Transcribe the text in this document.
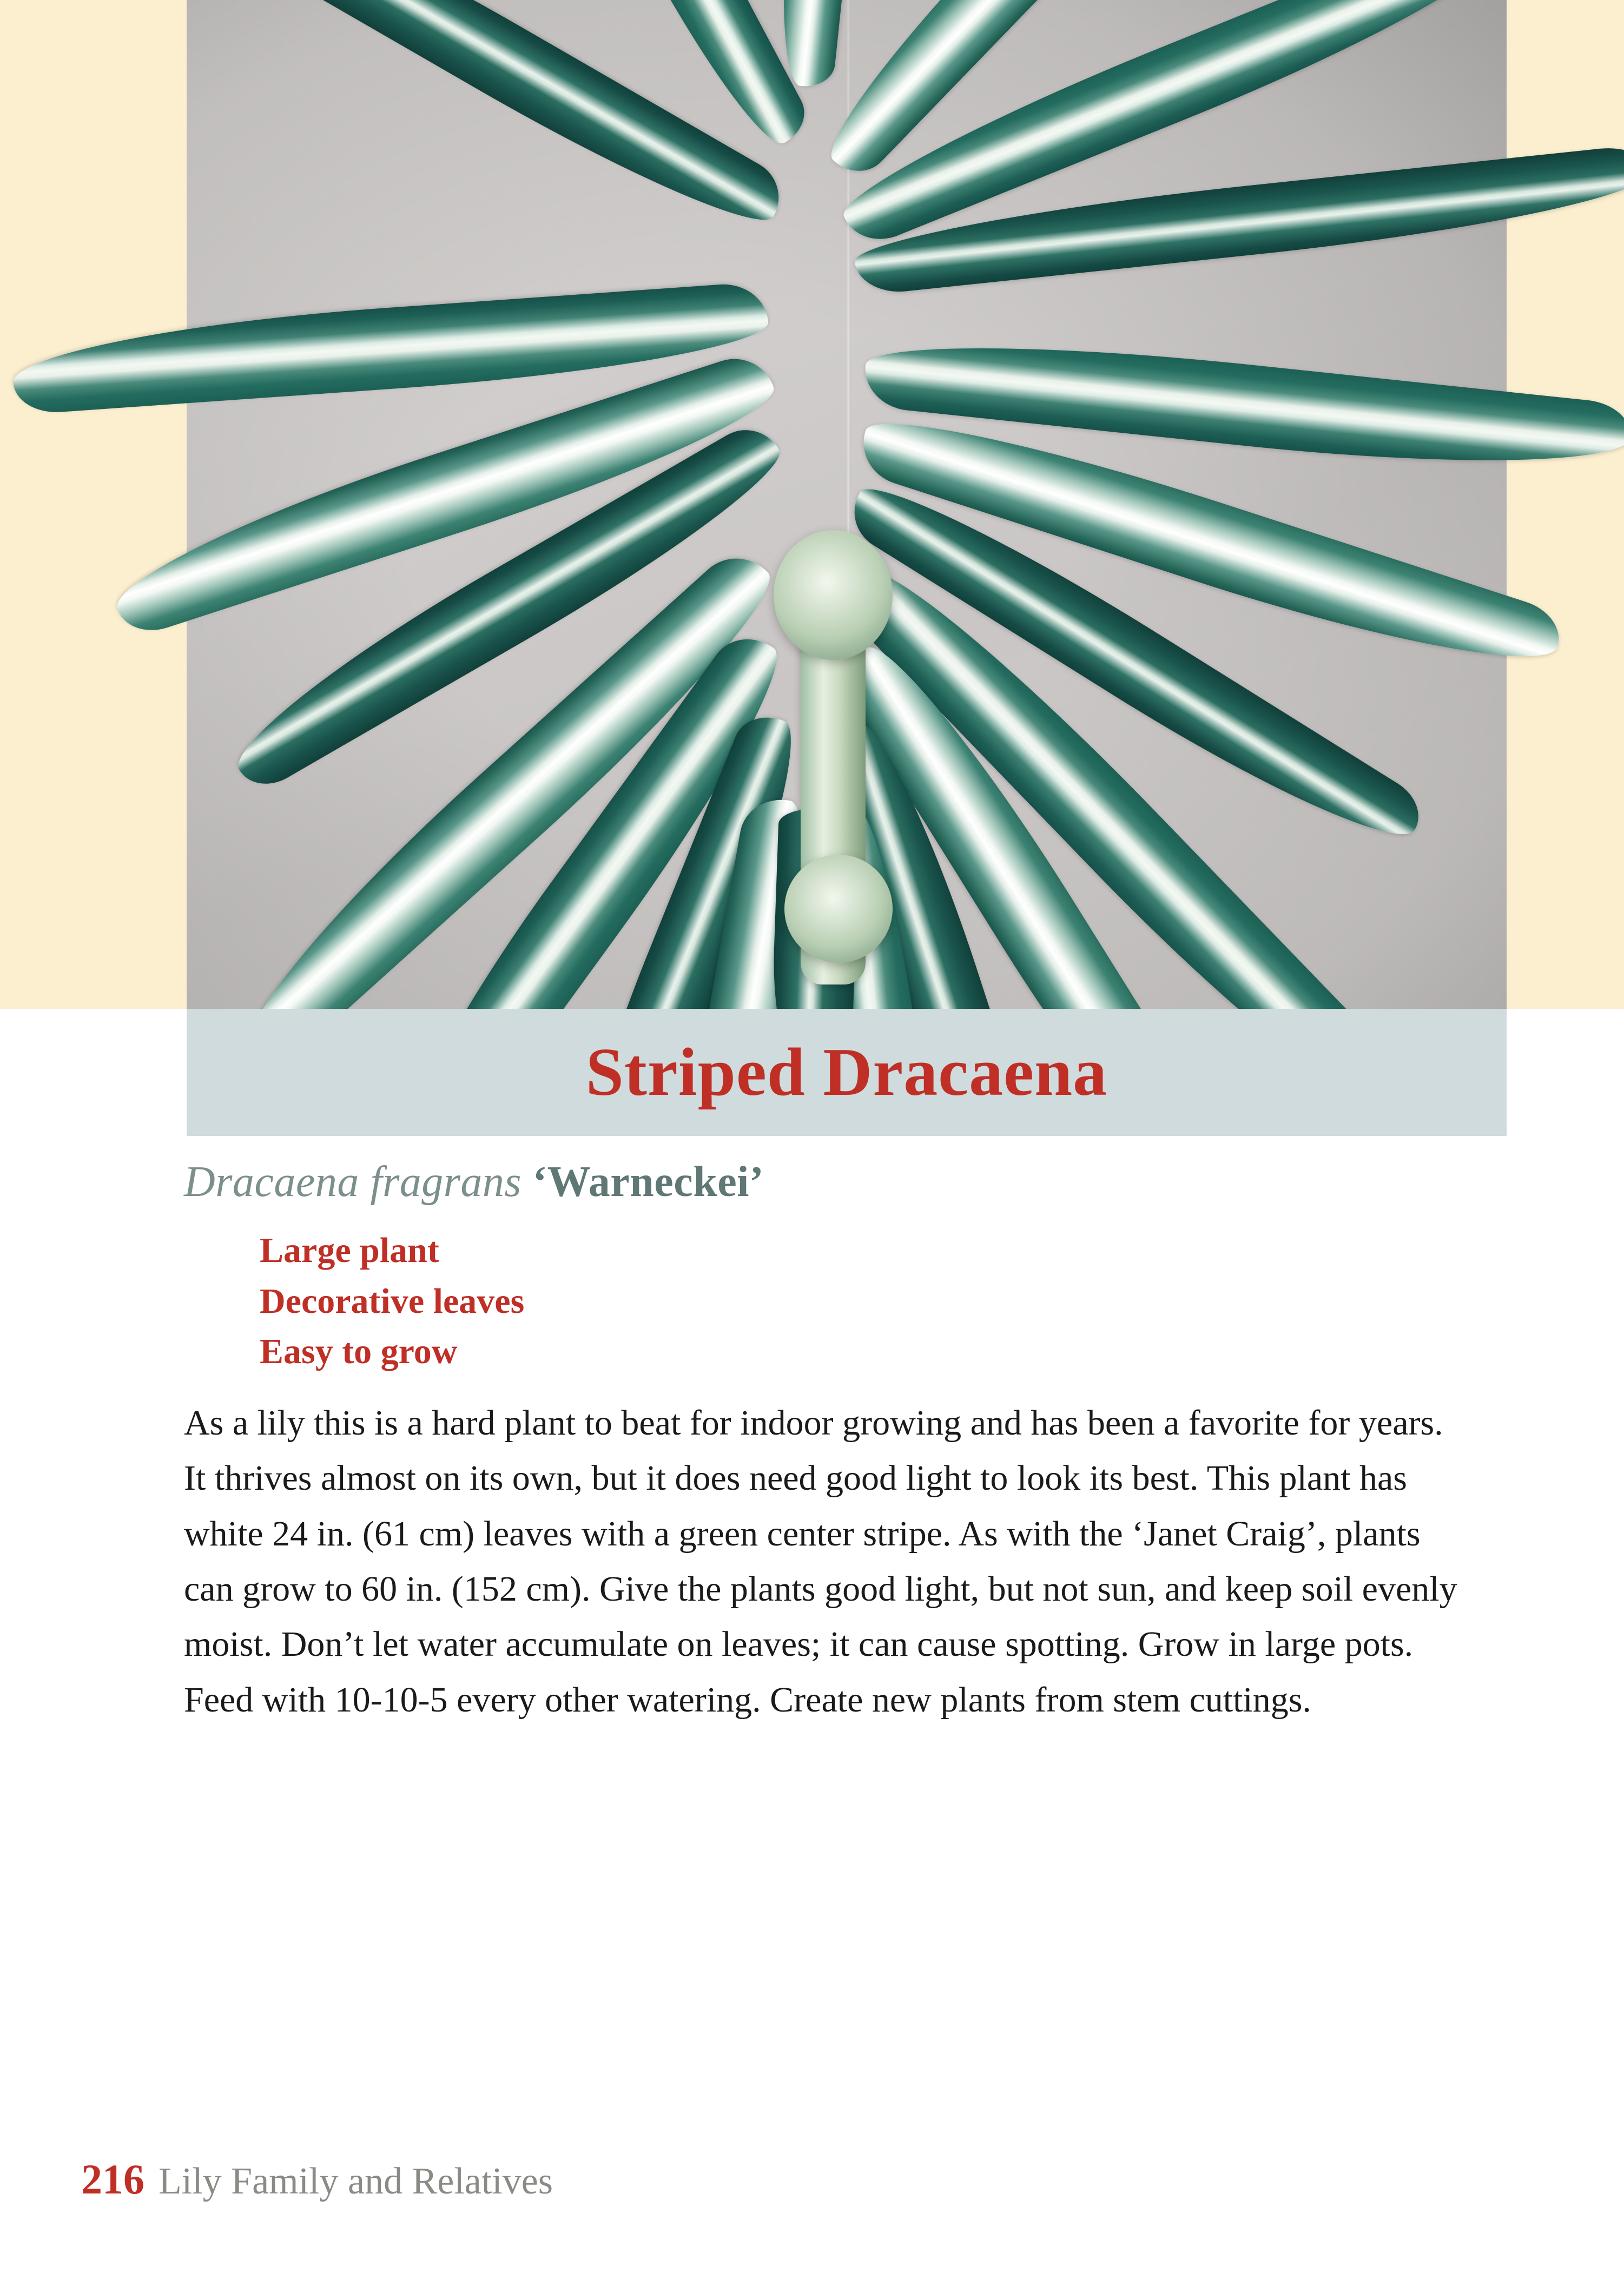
Striped Dracaena

Dracaena fragrans ‘Warneckei’

Large plant
Decorative leaves
Easy to grow

As a lily this is a hard plant to beat for indoor growing and has been a favorite for years. It thrives almost on its own, but it does need good light to look its best. This plant has white 24 in. (61 cm) leaves with a green center stripe. As with the ‘Janet Craig’, plants can grow to 60 in. (152 cm). Give the plants good light, but not sun, and keep soil evenly moist. Don’t let water accumulate on leaves; it can cause spotting. Grow in large pots. Feed with 10-10-5 every other watering. Create new plants from stem cuttings.

216 Lily Family and Relatives
